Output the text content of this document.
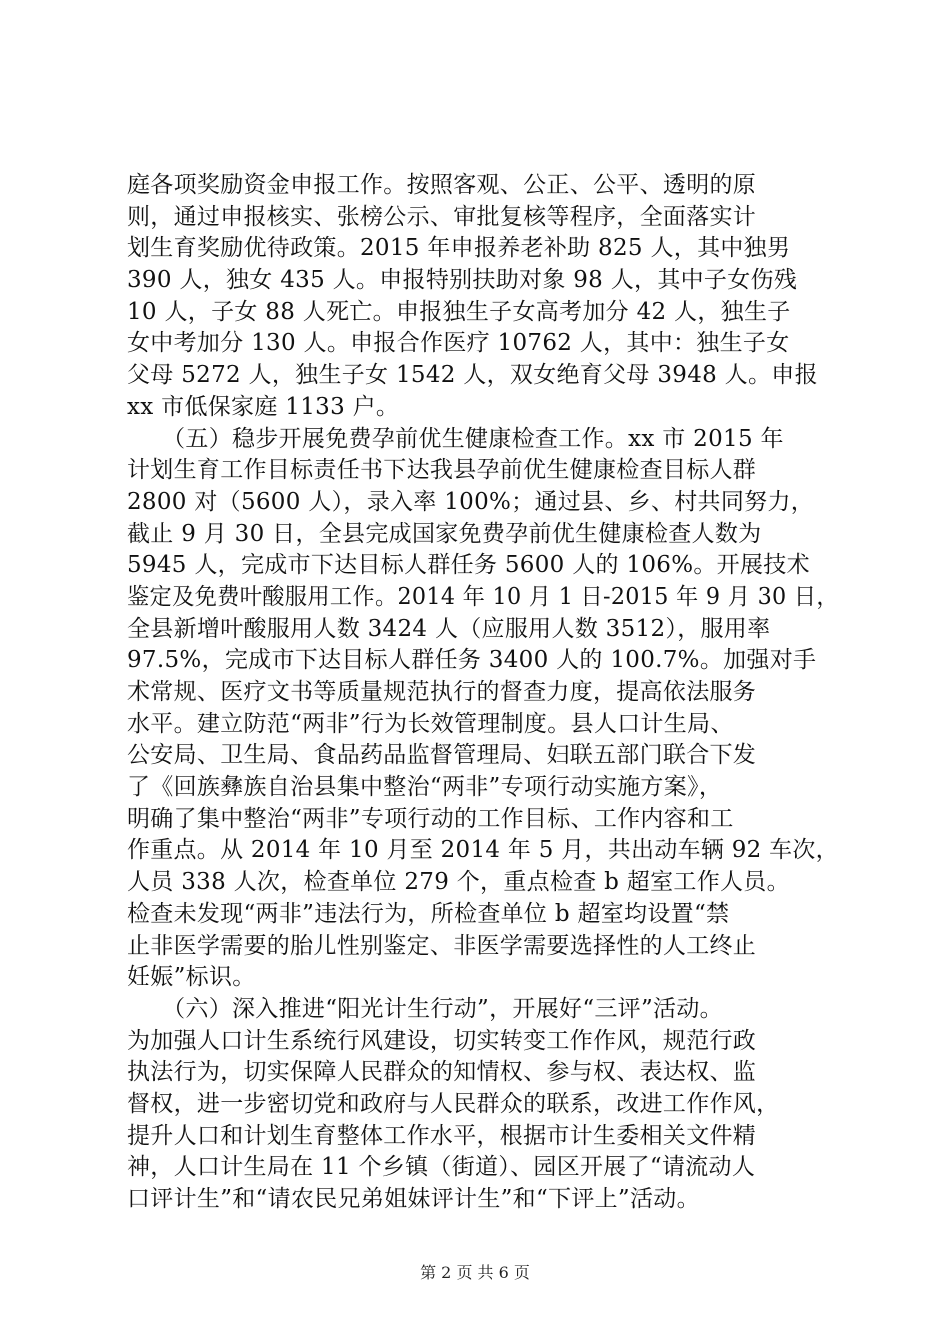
庭各项奖励资金申报工作。按照客观、公正、公平、透明的原
则，通过申报核实、张榜公示、审批复核等程序，全面落实计
划生育奖励优待政策。2015 年申报养老补助 825 人，其中独男
390 人，独女 435 人。申报特别扶助对象 98 人，其中子女伤残
10 人，子女 88 人死亡。申报独生子女高考加分 42 人，独生子
女中考加分 130 人。申报合作医疗 10762 人，其中：独生子女
父母 5272 人，独生子女 1542 人，双女绝育父母 3948 人。申报
xx 市低保家庭 1133 户。
　　（五）稳步开展免费孕前优生健康检查工作。xx 市 2015 年
计划生育工作目标责任书下达我县孕前优生健康检查目标人群
2800 对（5600 人），录入率 100%；通过县、乡、村共同努力，
截止 9 月 30 日，全县完成国家免费孕前优生健康检查人数为
5945 人，完成市下达目标人群任务 5600 人的 106%。开展技术
鉴定及免费叶酸服用工作。2014 年 10 月 1 日-2015 年 9 月 30 日，
全县新增叶酸服用人数 3424 人（应服用人数 3512），服用率
97.5%，完成市下达目标人群任务 3400 人的 100.7%。加强对手
术常规、医疗文书等质量规范执行的督查力度，提高依法服务
水平。建立防范“两非”行为长效管理制度。县人口计生局、
公安局、卫生局、食品药品监督管理局、妇联五部门联合下发
了《回族彝族自治县集中整治“两非”专项行动实施方案》，
明确了集中整治“两非”专项行动的工作目标、工作内容和工
作重点。从 2014 年 10 月至 2014 年 5 月，共出动车辆 92 车次，
人员 338 人次，检查单位 279 个，重点检查 b 超室工作人员。
检查未发现“两非”违法行为，所检查单位 b 超室均设置“禁
止非医学需要的胎儿性别鉴定、非医学需要选择性的人工终止
妊娠”标识。
　　（六）深入推进“阳光计生行动”，开展好“三评”活动。
为加强人口计生系统行风建设，切实转变工作作风，规范行政
执法行为，切实保障人民群众的知情权、参与权、表达权、监
督权，进一步密切党和政府与人民群众的联系，改进工作作风，
提升人口和计划生育整体工作水平，根据市计生委相关文件精
神，人口计生局在 11 个乡镇（街道）、园区开展了“请流动人
口评计生”和“请农民兄弟姐妹评计生”和“下评上”活动。
第 2 页 共 6 页
